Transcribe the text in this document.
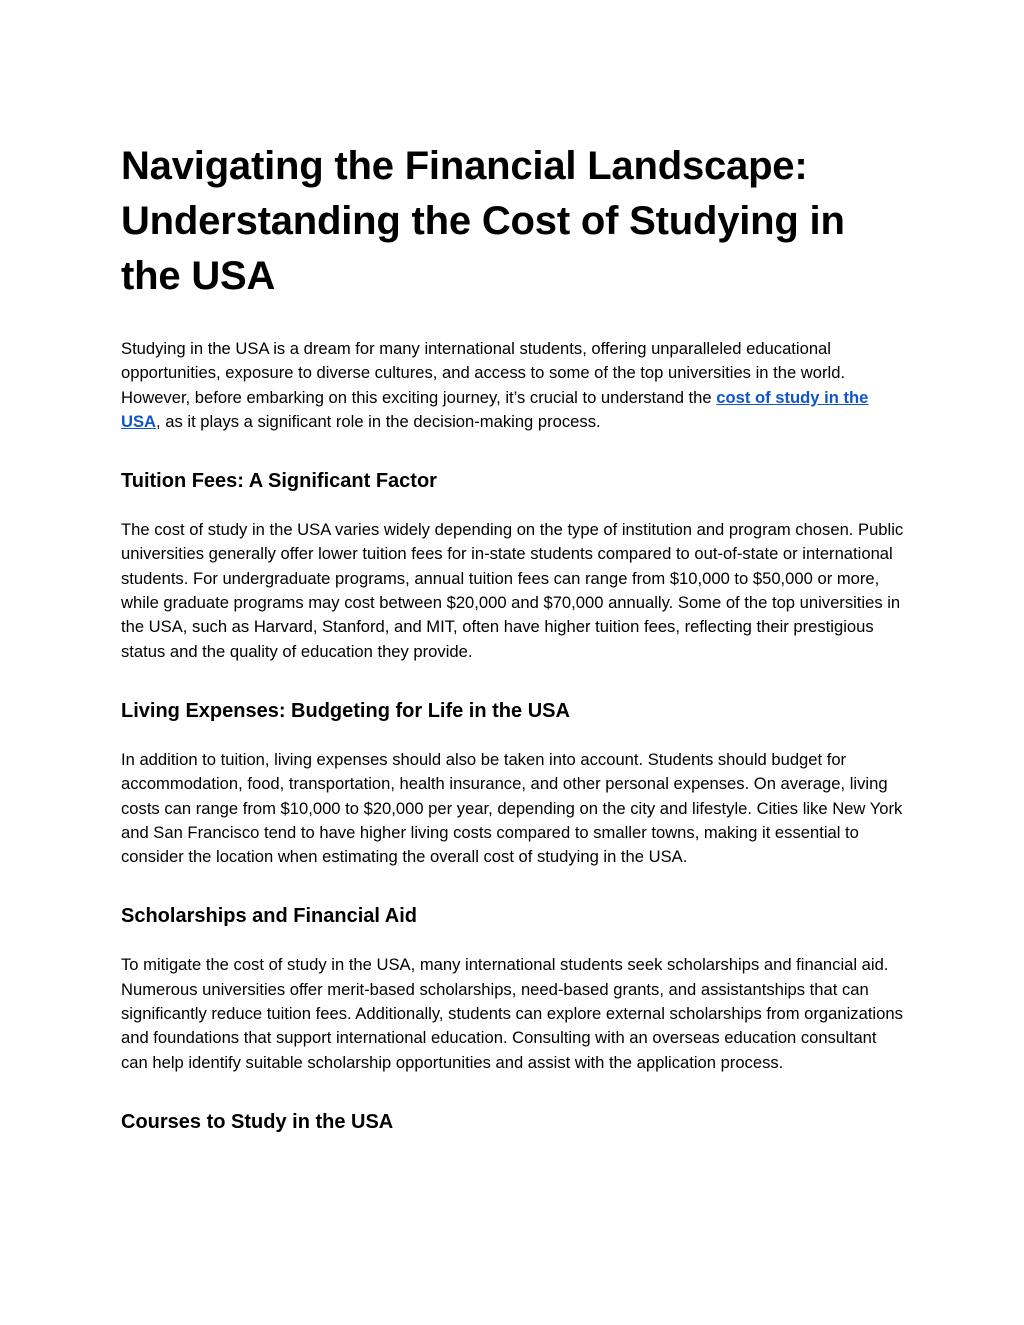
Navigating the Financial Landscape: Understanding the Cost of Studying in the USA

Studying in the USA is a dream for many international students, offering unparalleled educational opportunities, exposure to diverse cultures, and access to some of the top universities in the world. However, before embarking on this exciting journey, it’s crucial to understand the cost of study in the USA, as it plays a significant role in the decision-making process.

Tuition Fees: A Significant Factor

The cost of study in the USA varies widely depending on the type of institution and program chosen. Public universities generally offer lower tuition fees for in-state students compared to out-of-state or international students. For undergraduate programs, annual tuition fees can range from $10,000 to $50,000 or more, while graduate programs may cost between $20,000 and $70,000 annually. Some of the top universities in the USA, such as Harvard, Stanford, and MIT, often have higher tuition fees, reflecting their prestigious status and the quality of education they provide.

Living Expenses: Budgeting for Life in the USA

In addition to tuition, living expenses should also be taken into account. Students should budget for accommodation, food, transportation, health insurance, and other personal expenses. On average, living costs can range from $10,000 to $20,000 per year, depending on the city and lifestyle. Cities like New York and San Francisco tend to have higher living costs compared to smaller towns, making it essential to consider the location when estimating the overall cost of studying in the USA.

Scholarships and Financial Aid

To mitigate the cost of study in the USA, many international students seek scholarships and financial aid. Numerous universities offer merit-based scholarships, need-based grants, and assistantships that can significantly reduce tuition fees. Additionally, students can explore external scholarships from organizations and foundations that support international education. Consulting with an overseas education consultant can help identify suitable scholarship opportunities and assist with the application process.

Courses to Study in the USA
